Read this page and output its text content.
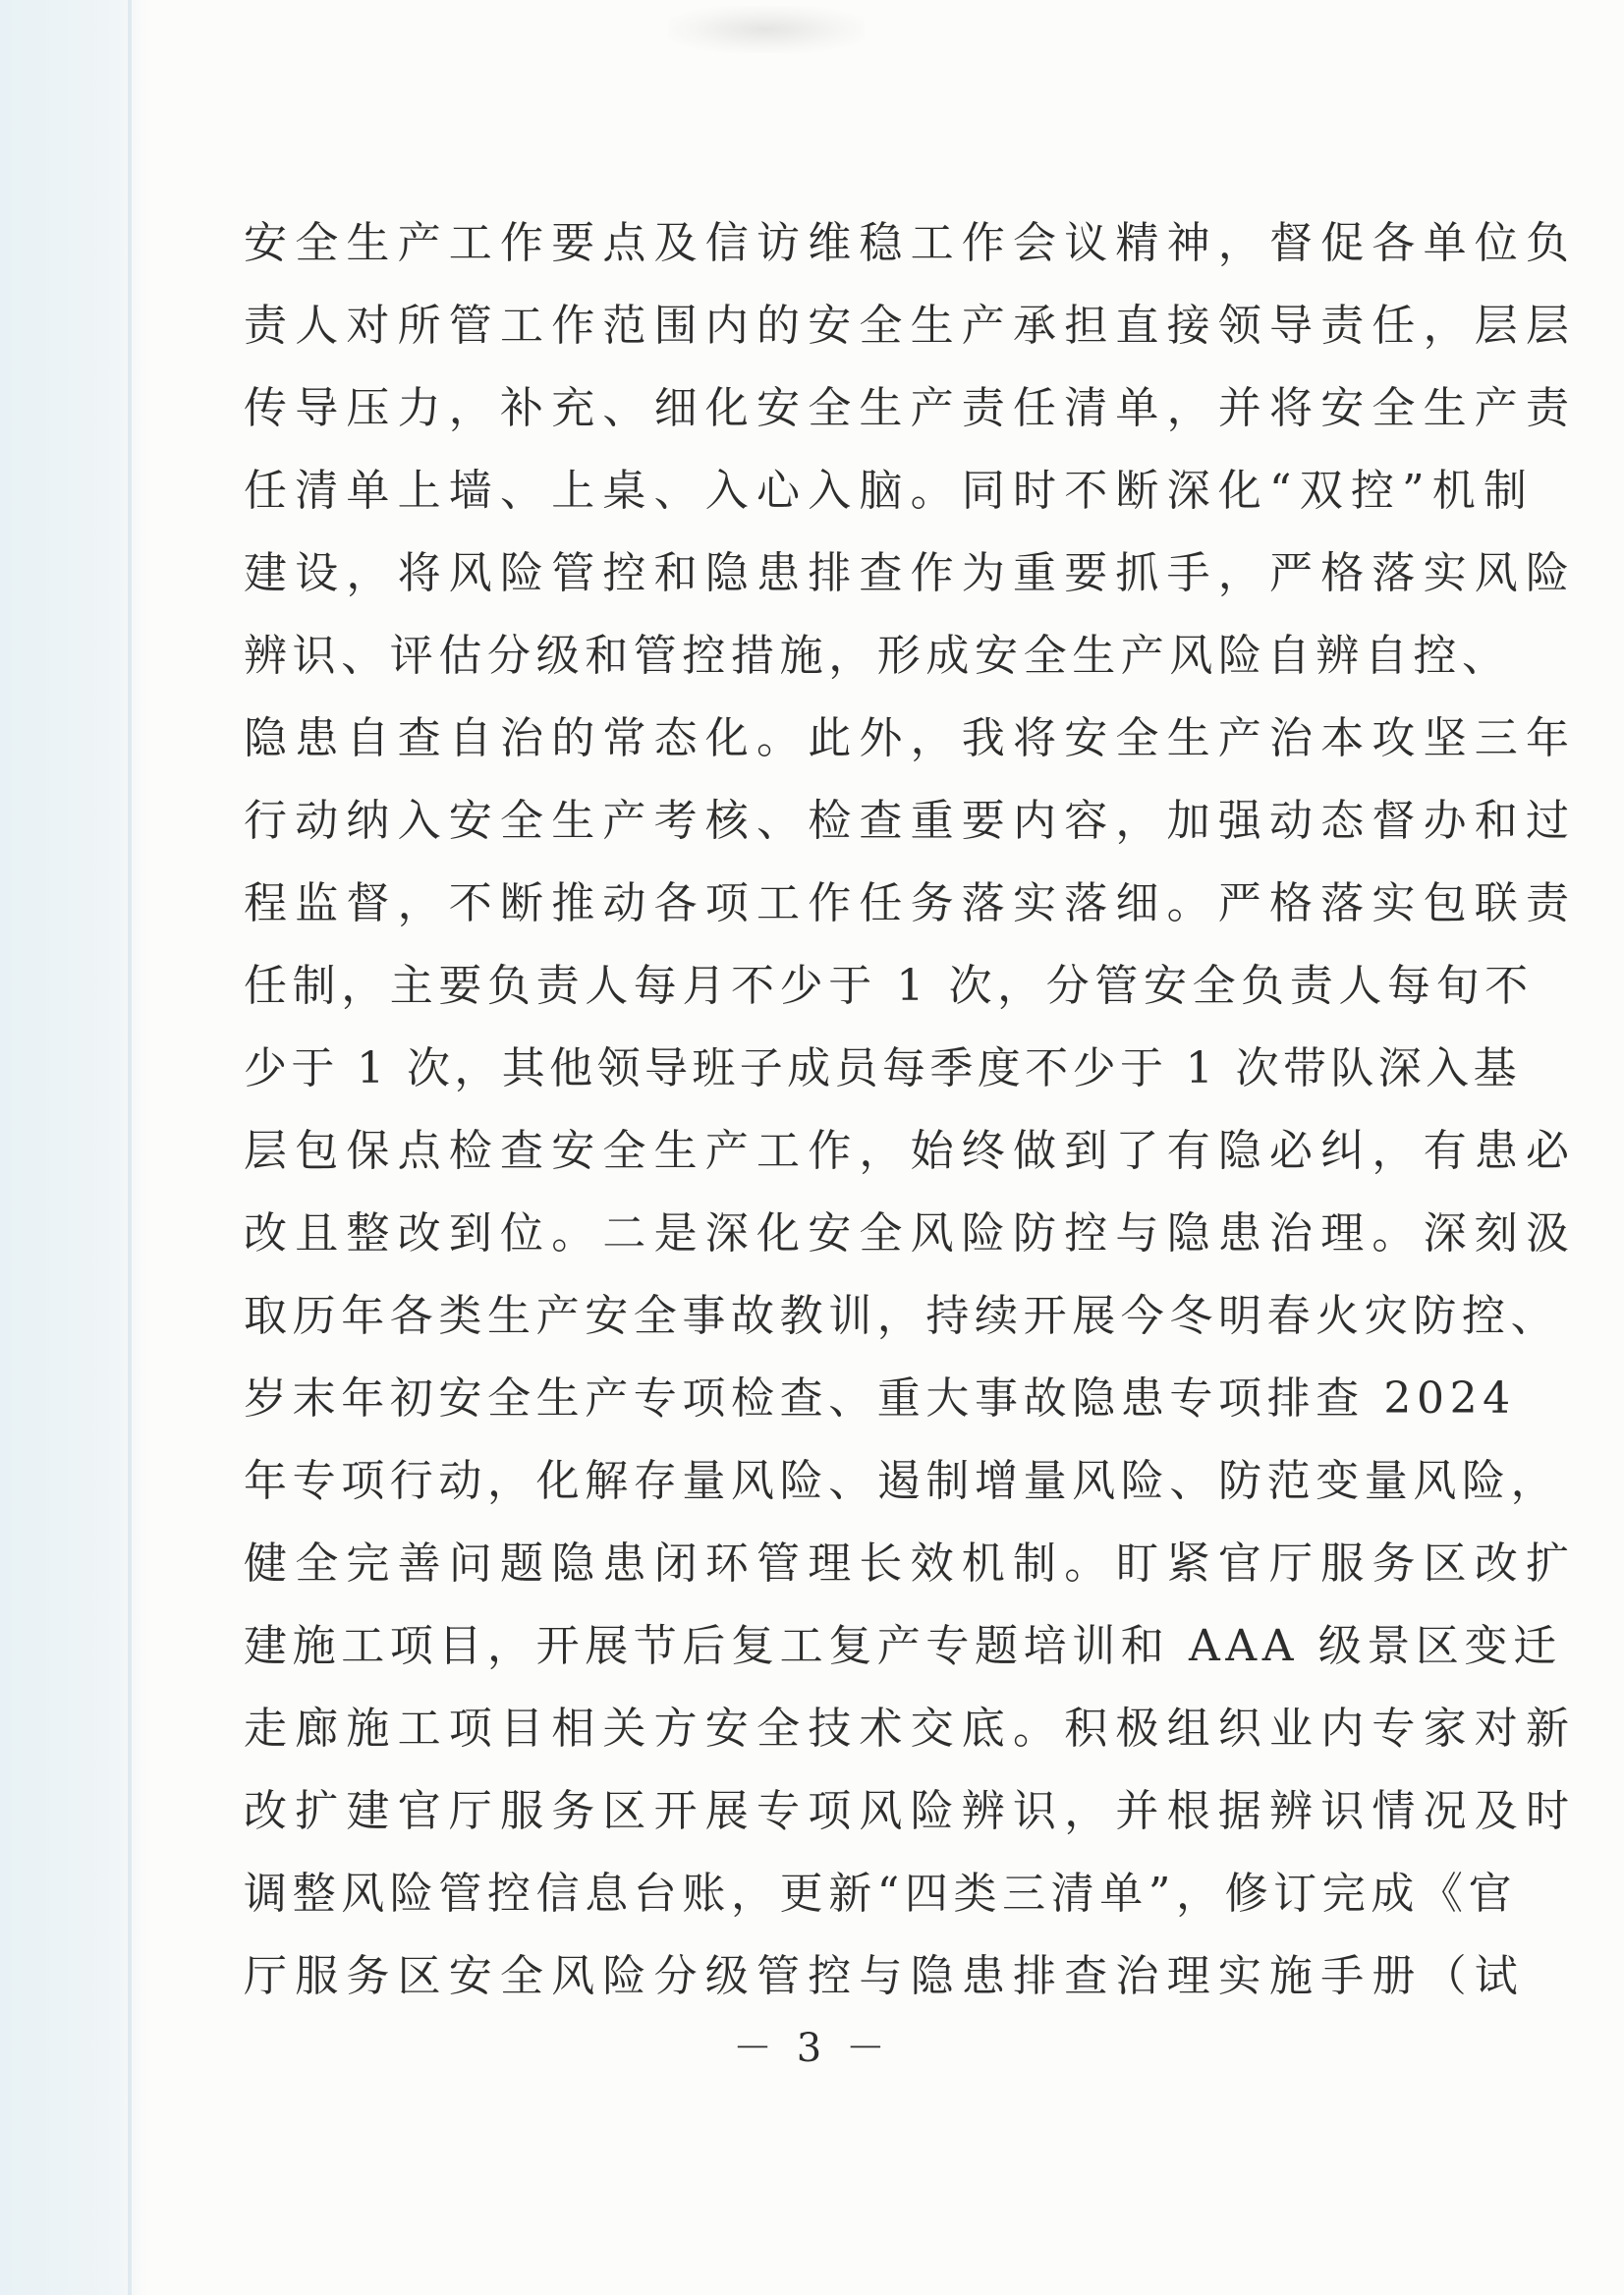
安全生产工作要点及信访维稳工作会议精神，督促各单位负
责人对所管工作范围内的安全生产承担直接领导责任，层层
传导压力，补充、细化安全生产责任清单，并将安全生产责
任清单上墙、上桌、入心入脑。同时不断深化“双控”机制
建设，将风险管控和隐患排查作为重要抓手，严格落实风险
辨识、评估分级和管控措施，形成安全生产风险自辨自控、
隐患自查自治的常态化。此外，我将安全生产治本攻坚三年
行动纳入安全生产考核、检查重要内容，加强动态督办和过
程监督，不断推动各项工作任务落实落细。严格落实包联责
任制，主要负责人每月不少于 1 次，分管安全负责人每旬不
少于 1 次，其他领导班子成员每季度不少于 1 次带队深入基
层包保点检查安全生产工作，始终做到了有隐必纠，有患必
改且整改到位。二是深化安全风险防控与隐患治理。深刻汲
取历年各类生产安全事故教训，持续开展今冬明春火灾防控、
岁末年初安全生产专项检查、重大事故隐患专项排查 2024
年专项行动，化解存量风险、遏制增量风险、防范变量风险，
健全完善问题隐患闭环管理长效机制。盯紧官厅服务区改扩
建施工项目，开展节后复工复产专题培训和 AAA 级景区变迁
走廊施工项目相关方安全技术交底。积极组织业内专家对新
改扩建官厅服务区开展专项风险辨识，并根据辨识情况及时
调整风险管控信息台账，更新“四类三清单”，修订完成《官
厅服务区安全风险分级管控与隐患排查治理实施手册（试
－ 3 －
